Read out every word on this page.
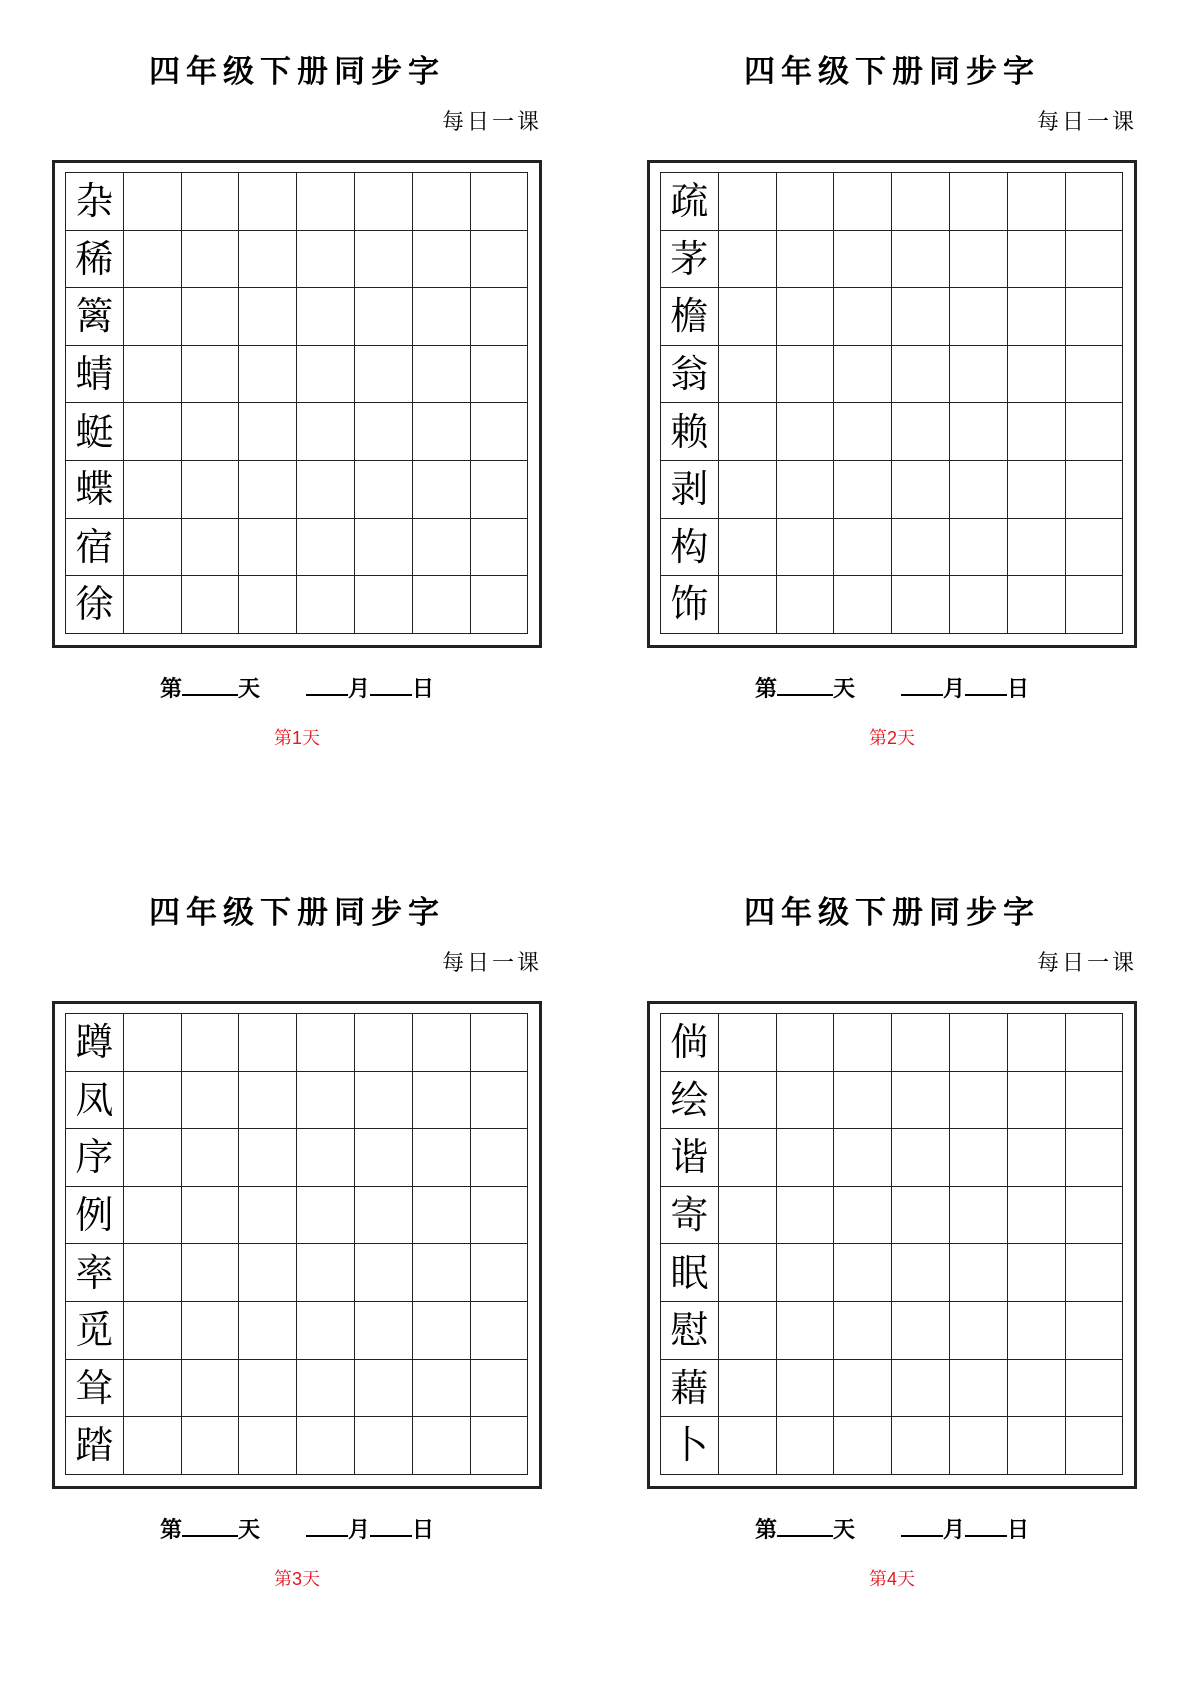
四年级下册同步字
每日一课
杂
稀
篱
蜻
蜓
蝶
宿
徐
第	天	月 日
第1天
四年级下册同步字
每日一课
疏
茅
檐
翁
赖
剥
构
饰
第	天	月 日
第2天
四年级下册同步字
每日一课
蹲
凤
序
例
率
觅
耸
踏
第	天	月 日
第3天
四年级下册同步字
每日一课
倘
绘
谐
寄
眠
慰
藉
卜
第	天	月 日
第4天
